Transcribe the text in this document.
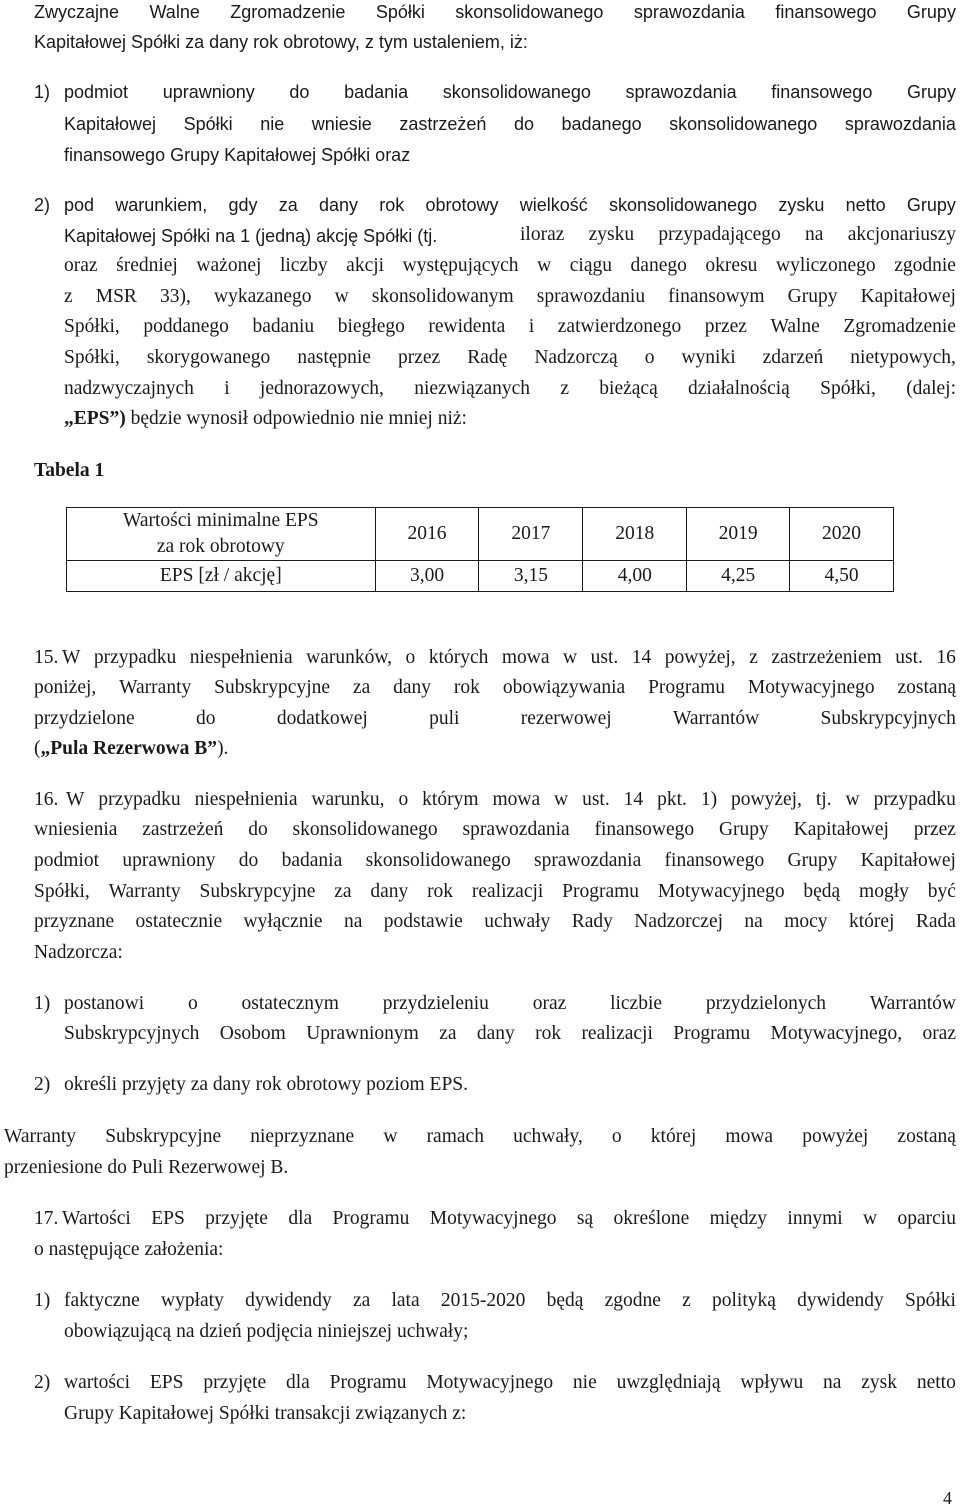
Zwyczajne Walne Zgromadzenie Spółki skonsolidowanego sprawozdania finansowego Grupy
Kapitałowej Spółki za dany rok obrotowy, z tym ustaleniem, iż:
1) podmiot uprawniony do badania skonsolidowanego sprawozdania finansowego Grupy
Kapitałowej Spółki nie wniesie zastrzeżeń do badanego skonsolidowanego sprawozdania
finansowego Grupy Kapitałowej Spółki oraz
2) pod warunkiem, gdy za dany rok obrotowy wielkość skonsolidowanego zysku netto Grupy
Kapitałowej Spółki na 1 (jedną) akcję Spółki (tj.	iloraz zysku przypadającego na akcjonariuszy
oraz średniej ważonej liczby akcji występujących w ciągu danego okresu wyliczonego zgodnie
z MSR 33), wykazanego w skonsolidowanym sprawozdaniu finansowym Grupy Kapitałowej
Spółki, poddanego badaniu biegłego rewidenta i zatwierdzonego przez Walne Zgromadzenie
Spółki, skorygowanego następnie przez Radę Nadzorczą o wyniki zdarzeń nietypowych,
nadzwyczajnych i jednorazowych, niezwiązanych z bieżącą działalnością Spółki, (dalej:
„EPS”) będzie wynosił odpowiednio nie mniej niż:
Tabela 1
Wartości minimalne EPS
za rok obrotowy	2016	2017	2018	2019	2020
EPS [zł / akcję]	3,00	3,15	4,00	4,25	4,50
15. W przypadku niespełnienia warunków, o których mowa w ust. 14 powyżej, z zastrzeżeniem ust. 16
poniżej, Warranty Subskrypcyjne za dany rok obowiązywania Programu Motywacyjnego zostaną
przydzielone	do	dodatkowej	puli	rezerwowej	Warrantów	Subskrypcyjnych
(„Pula Rezerwowa B”).
16. W przypadku niespełnienia warunku, o którym mowa w ust. 14 pkt. 1) powyżej, tj. w przypadku
wniesienia zastrzeżeń do skonsolidowanego sprawozdania finansowego Grupy Kapitałowej przez
podmiot uprawniony do badania skonsolidowanego sprawozdania finansowego Grupy Kapitałowej
Spółki, Warranty Subskrypcyjne za dany rok realizacji Programu Motywacyjnego będą mogły być
przyznane ostatecznie wyłącznie na podstawie uchwały Rady Nadzorczej na mocy której Rada
Nadzorcza:
1) postanowi o ostatecznym przydzieleniu oraz liczbie przydzielonych Warrantów
Subskrypcyjnych Osobom Uprawnionym za dany rok realizacji Programu Motywacyjnego, oraz
2) określi przyjęty za dany rok obrotowy poziom EPS.
Warranty Subskrypcyjne nieprzyznane w ramach uchwały, o której mowa powyżej zostaną
przeniesione do Puli Rezerwowej B.
17. Wartości EPS przyjęte dla Programu Motywacyjnego są określone między innymi w oparciu
o następujące założenia:
1) faktyczne wypłaty dywidendy za lata 2015-2020 będą zgodne z polityką dywidendy Spółki
obowiązującą na dzień podjęcia niniejszej uchwały;
2) wartości EPS przyjęte dla Programu Motywacyjnego nie uwzględniają wpływu na zysk netto
Grupy Kapitałowej Spółki transakcji związanych z:
4
